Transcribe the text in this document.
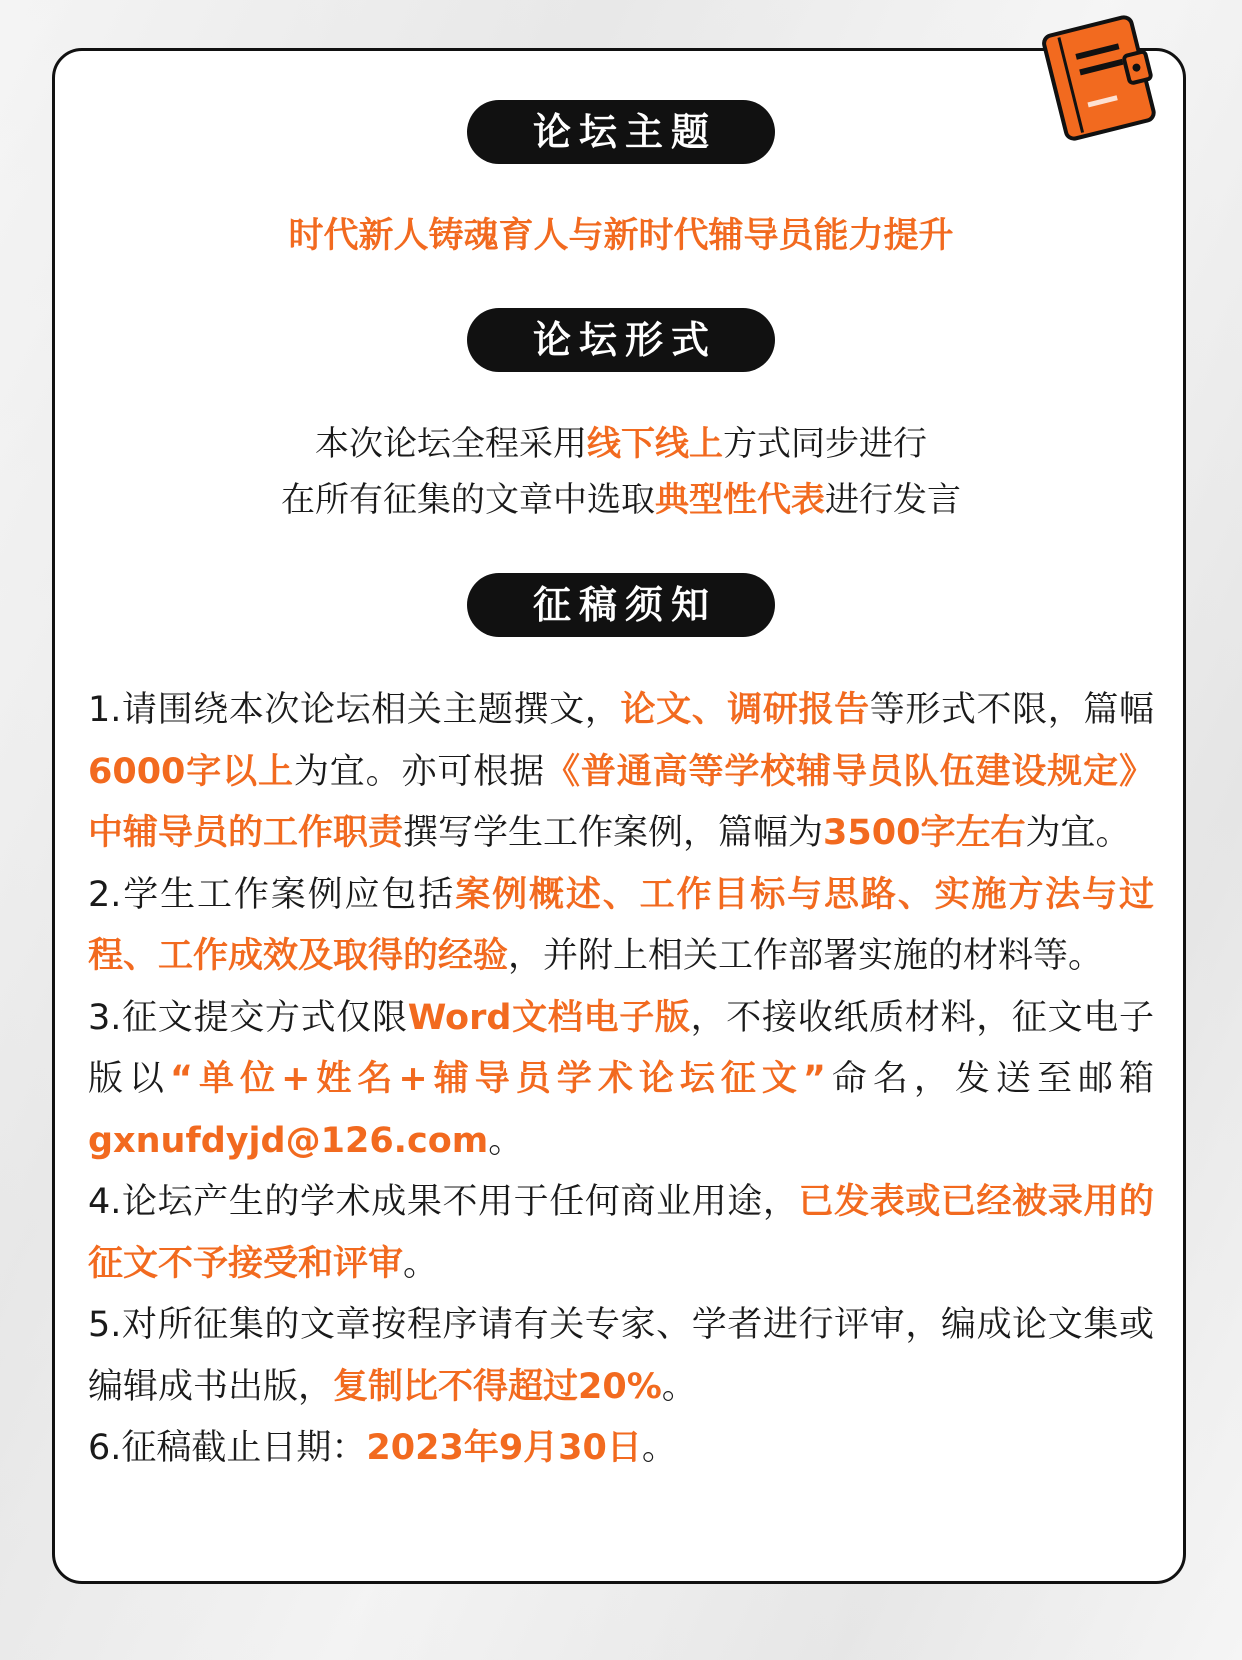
论坛主题
时代新人铸魂育人与新时代辅导员能力提升
论坛形式
本次论坛全程采用线下线上方式同步进行
在所有征集的文章中选取典型性代表进行发言
征稿须知

1.请围绕本次论坛相关主题撰文，论文、调研报告等形式不限，篇幅6000字以上为宜。亦可根据《普通高等学校辅导员队伍建设规定》中辅导员的工作职责撰写学生工作案例，篇幅为3500字左右为宜。

2.学生工作案例应包括案例概述、工作目标与思路、实施方法与过程、工作成效及取得的经验，并附上相关工作部署实施的材料等。

3.征文提交方式仅限Word文档电子版，不接收纸质材料，征文电子版以“单位+姓名+辅导员学术论坛征文”命名，发送至邮箱gxnufdyjd@126.com。

4.论坛产生的学术成果不用于任何商业用途，已发表或已经被录用的征文不予接受和评审。

5.对所征集的文章按程序请有关专家、学者进行评审，编成论文集或编辑成书出版，复制比不得超过20%。

6.征稿截止日期：2023年9月30日。
